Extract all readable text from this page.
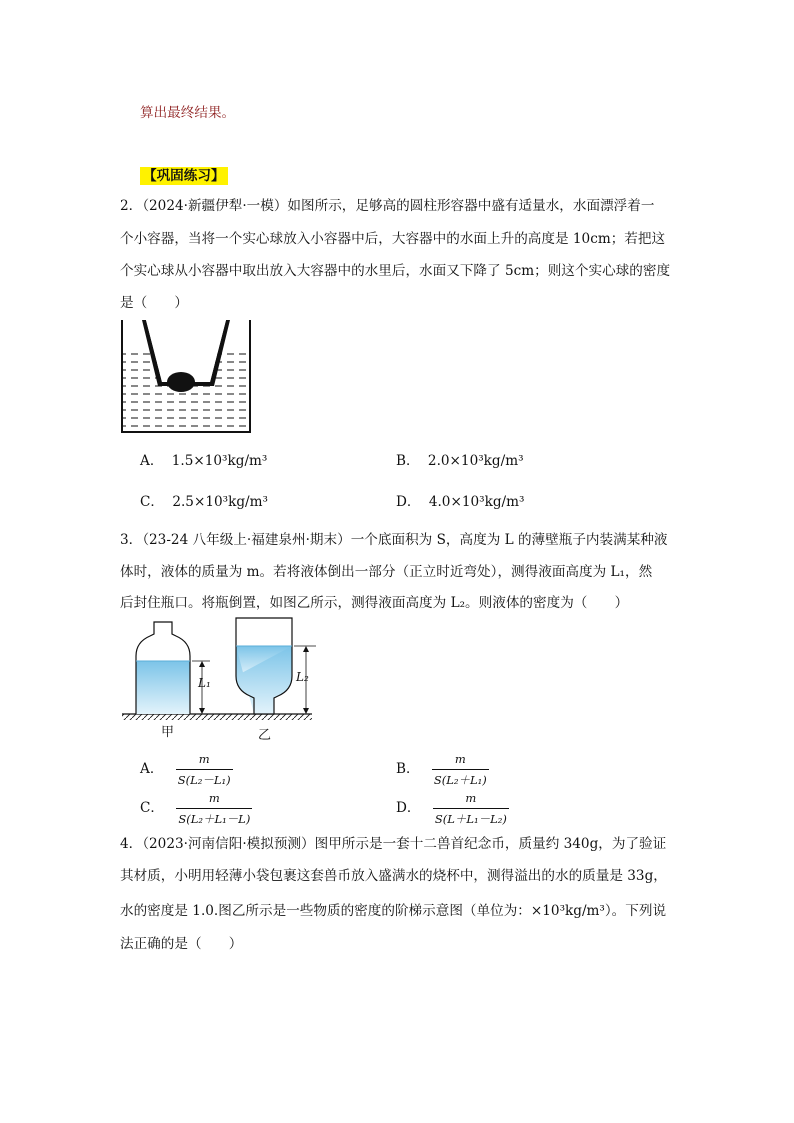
算出最终结果。
【巩固练习】
2．（2024·新疆伊犁·一模）如图所示，足够高的圆柱形容器中盛有适量水，水面漂浮着一
个小容器，当将一个实心球放入小容器中后，大容器中的水面上升的高度是 10cm；若把这
个实心球从小容器中取出放入大容器中的水里后，水面又下降了 5cm；则这个实心球的密度
是（　　）
A． 1.5×10³kg/m³	B． 2.0×10³kg/m³
C． 2.5×10³kg/m³	D． 4.0×10³kg/m³
3．（23-24 八年级上·福建泉州·期末）一个底面积为 S，高度为 L 的薄壁瓶子内装满某种液
体时，液体的质量为 m。若将液体倒出一部分（正立时近弯处），测得液面高度为 L₁，然
后封住瓶口。将瓶倒置，如图乙所示，测得液面高度为 L₂。则液体的密度为（　　）
L₁	L₂
甲	乙
A． $\frac{m}{\text{S(L₂－L₁)}}$	B． $\frac{m}{\text{S(L₂＋L₁)}}$
C． $\frac{m}{\text{S(L₂＋L₁－L)}}$	D． $\frac{m}{\text{S(L＋L₁－L₂)}}$
4．（2023·河南信阳·模拟预测）图甲所示是一套十二兽首纪念币，质量约 340g，为了验证
其材质，小明用轻薄小袋包裹这套兽币放入盛满水的烧杯中，测得溢出的水的质量是 33g，
水的密度是 1.0.图乙所示是一些物质的密度的阶梯示意图（单位为：×10³kg/m³）。下列说
法正确的是（　　）
